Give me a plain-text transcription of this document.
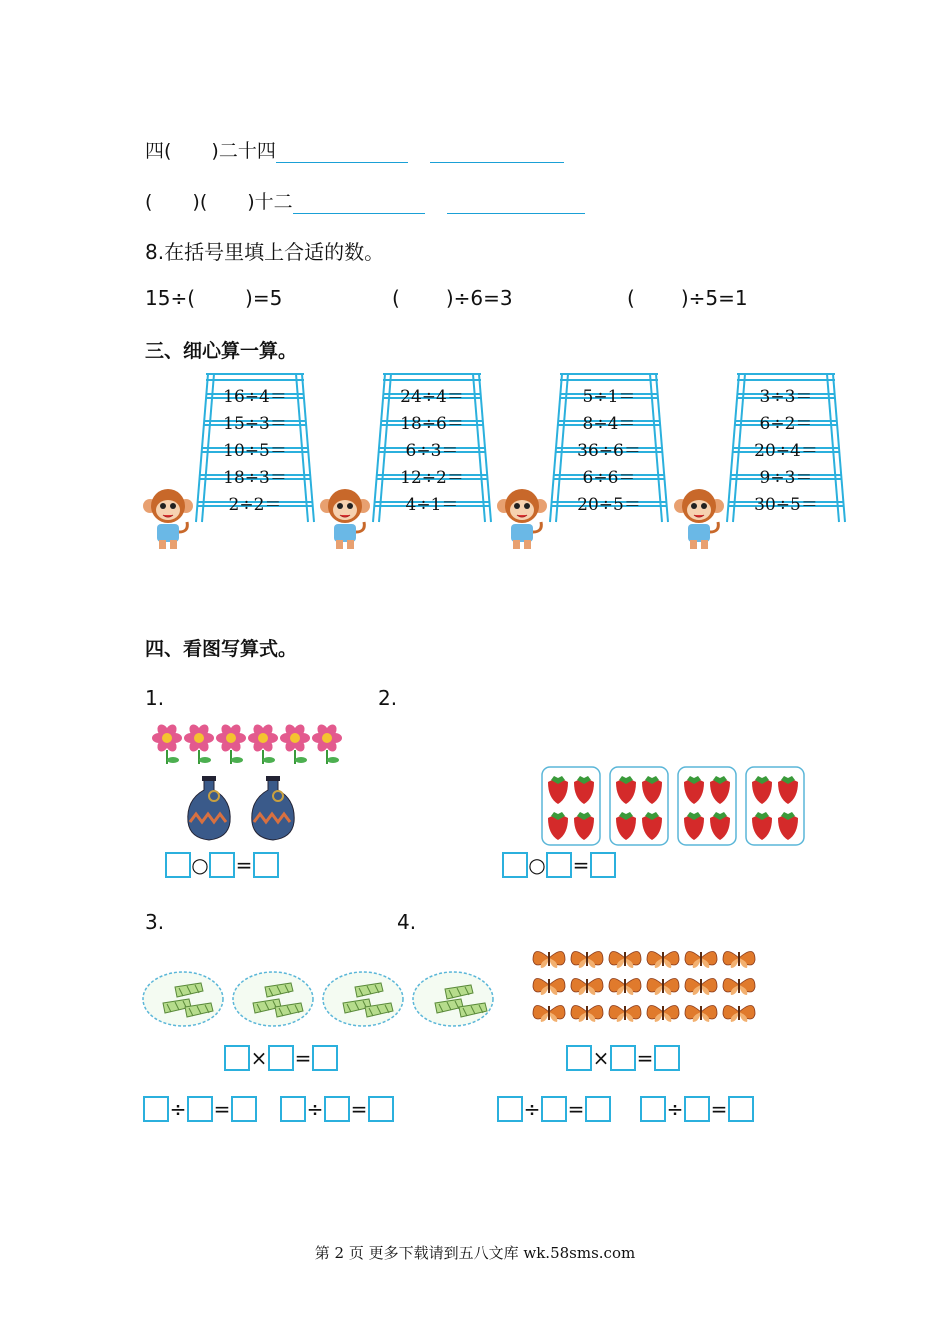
四( )二十四
( )( )十二
8.在括号里填上合适的数。
15÷(	)=5	( )÷6=3	( )÷5=1
三、细心算一算。
16÷4＝
15÷3＝
10÷5＝
18÷3＝
2÷2＝
24÷4＝
18÷6＝
6÷3＝
12÷2＝
4÷1＝
5÷1＝
8÷4＝
36÷6＝
6÷6＝
20÷5＝
3÷3＝
6÷2＝
20÷4＝
9÷3＝
30÷5＝
四、看图写算式。
1.	2.
○ =	○ =
3.	4.
× =
÷ =	÷ =
× =
÷ =	÷ =
第 2 页 更多下载请到五八文库 wk.58sms.com
